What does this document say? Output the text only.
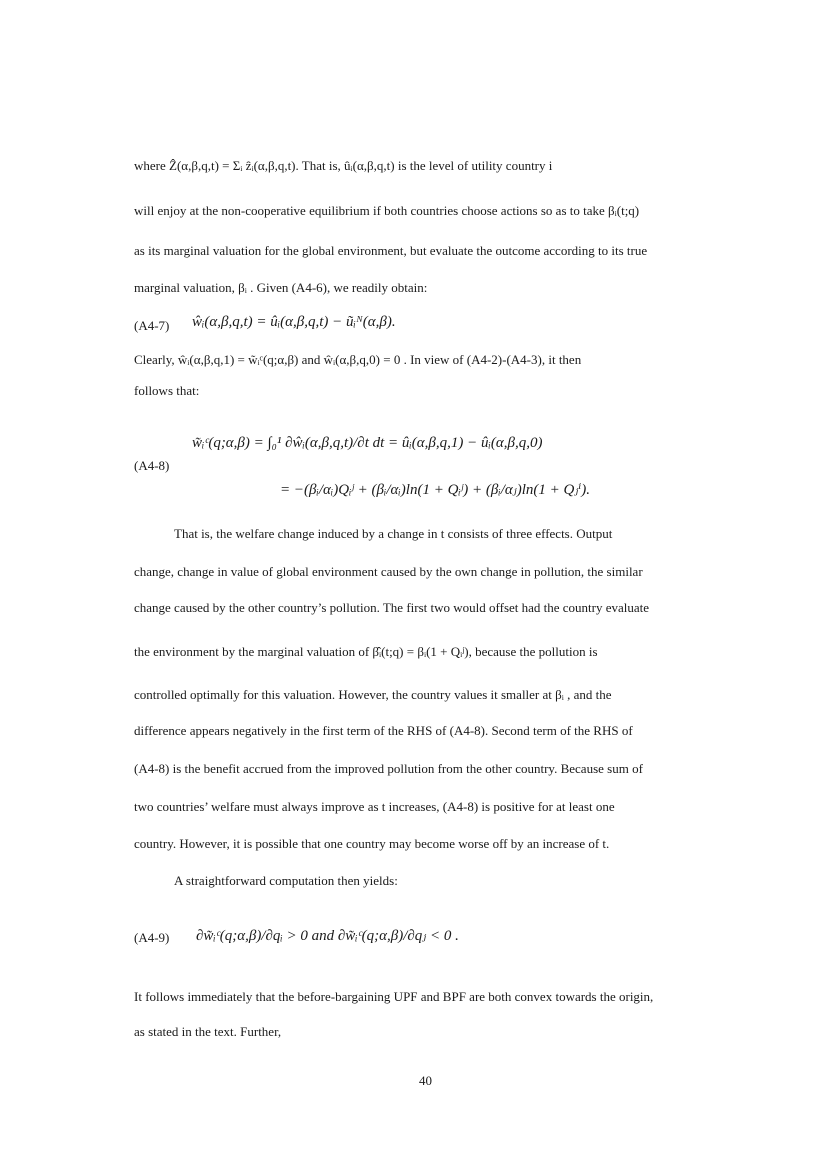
where Ẑ(α,β,q,t) = Σᵢ ẑᵢ(α,β,q,t). That is, ûᵢ(α,β,q,t) is the level of utility country i
will enjoy at the non-cooperative equilibrium if both countries choose actions so as to take βᵢ(t;q)
as its marginal valuation for the global environment, but evaluate the outcome according to its true
marginal valuation, βᵢ . Given (A4-6), we readily obtain:
(A4-7) ŵᵢ(α,β,q,t) = ûᵢ(α,β,q,t) − ũᵢᴺ(α,β).
Clearly, ŵᵢ(α,β,q,1) = w̃ᵢᶜ(q;α,β) and ŵᵢ(α,β,q,0) = 0 . In view of (A4-2)-(A4-3), it then
follows that:
(A4-8)
w̃ᵢᶜ(q;α,β) = ∫₀¹ ∂ŵᵢ(α,β,q,t)/∂t dt = ûᵢ(α,β,q,1) − ûᵢ(α,β,q,0)
= −(βᵢ/αᵢ)Qᵢʲ + (βᵢ/αᵢ)ln(1 + Qᵢʲ) + (βᵢ/αⱼ)ln(1 + Qⱼⁱ).
That is, the welfare change induced by a change in t consists of three effects. Output
change, change in value of global environment caused by the own change in pollution, the similar
change caused by the other country’s pollution. The first two would offset had the country evaluate
the environment by the marginal valuation of β̂ᵢ(t;q) = βᵢ(1 + Qᵢʲ), because the pollution is
controlled optimally for this valuation. However, the country values it smaller at βᵢ , and the
difference appears negatively in the first term of the RHS of (A4-8). Second term of the RHS of
(A4-8) is the benefit accrued from the improved pollution from the other country. Because sum of
two countries’ welfare must always improve as t increases, (A4-8) is positive for at least one
country. However, it is possible that one country may become worse off by an increase of t.
A straightforward computation then yields:
(A4-9) ∂w̃ᵢᶜ(q;α,β)/∂qᵢ > 0 and ∂w̃ᵢᶜ(q;α,β)/∂qⱼ < 0 .
It follows immediately that the before-bargaining UPF and BPF are both convex towards the origin,
as stated in the text. Further,
40
